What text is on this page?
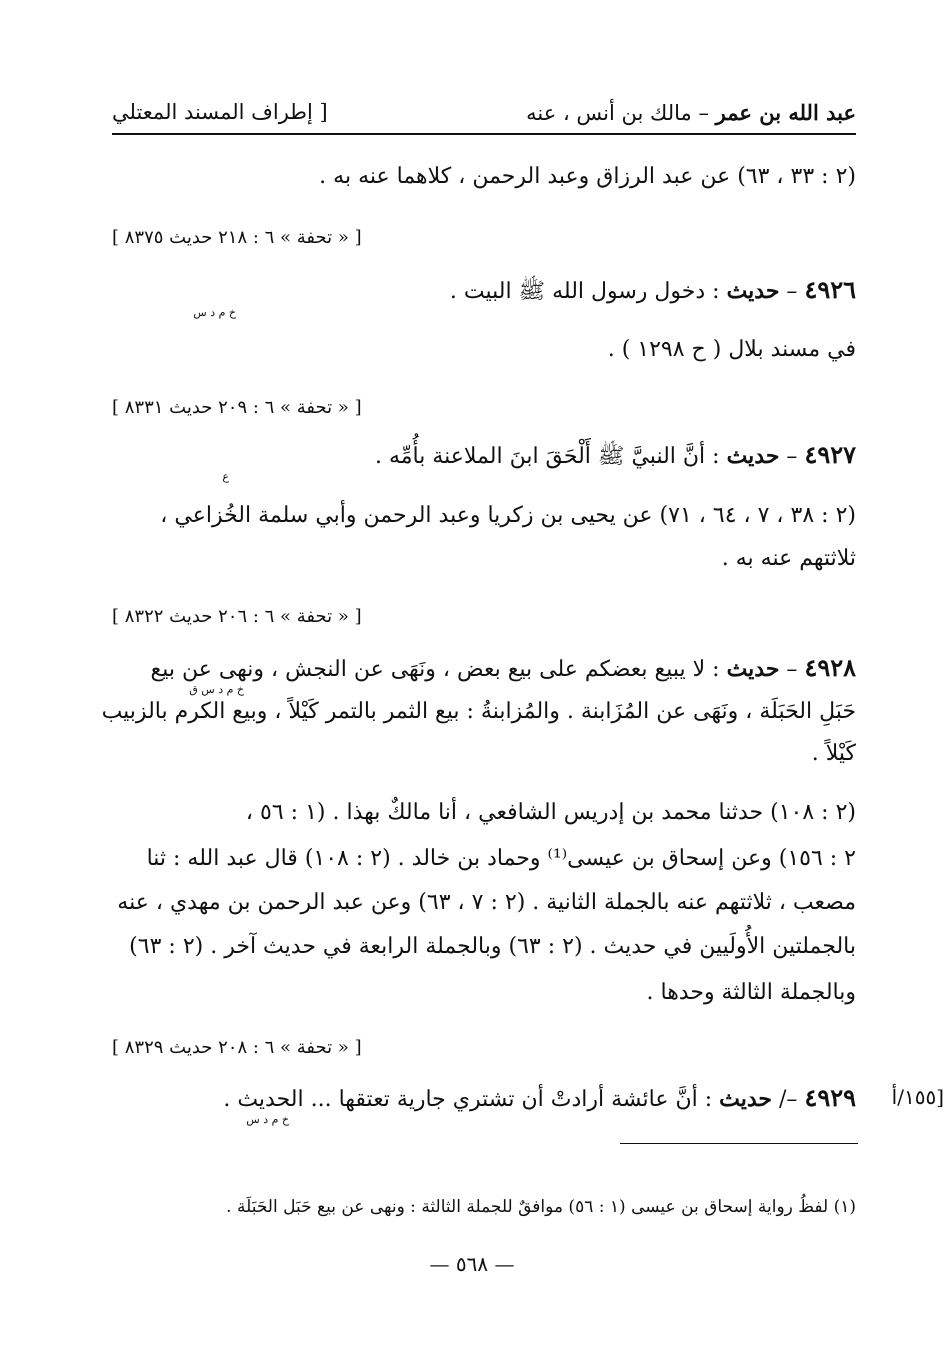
عبد الله بن عمر – مالك بن أنس ، عنه
[ إطراف المسند المعتلي
(٢ : ٣٣ ، ٦٣) عن عبد الرزاق وعبد الرحمن ، كلاهما عنه به .
[ « تحفة » ٦ : ٢١٨ حديث ٨٣٧٥ ]
٤٩٢٦ – حديث : دخول رسول الله ﷺ البيت .
خ م د س
في مسند بلال ( ح ١٢٩٨ ) .
[ « تحفة » ٦ : ٢٠٩ حديث ٨٣٣١ ]
٤٩٢٧ – حديث : أنَّ النبيَّ ﷺ أَلْحَقَ ابنَ الملاعنة بأُمِّه .
ع
(٢ : ٣٨ ، ٧ ، ٦٤ ، ٧١) عن يحيى بن زكريا وعبد الرحمن وأبي سلمة الخُزاعي ،
ثلاثتهم عنه به .
[ « تحفة » ٦ : ٢٠٦ حديث ٨٣٢٢ ]
٤٩٢٨ – حديث : لا يبيع بعضكم على بيع بعض ، ونَهَى عن النجش ، ونهى عن بيع
خ م د س ق
حَبَلِ الحَبَلَة ، ونَهَى عن المُزَابنة . والمُزابنةُ : بيع الثمر بالتمر كَيْلاً ، وبيع الكرم بالزبيب
كَيْلاً .
(٢ : ١٠٨) حدثنا محمد بن إدريس الشافعي ، أنا مالكٌ بهذا . (١ : ٥٦ ،
٢ : ١٥٦) وعن إسحاق بن عيسى⁽¹⁾ وحماد بن خالد . (٢ : ١٠٨) قال عبد الله : ثنا
مصعب ، ثلاثتهم عنه بالجملة الثانية . (٢ : ٧ ، ٦٣) وعن عبد الرحمن بن مهدي ، عنه
بالجملتين الأُولَيين في حديث . (٢ : ٦٣) وبالجملة الرابعة في حديث آخر . (٢ : ٦٣)
وبالجملة الثالثة وحدها .
[ « تحفة » ٦ : ٢٠٨ حديث ٨٣٢٩ ]
٤٩٢٩ –/ حديث : أنَّ عائشة أرادتْ أن تشتري جارية تعتقها ... الحديث .
خ م د س
١٥٥/أ]
(١) لفظُ رواية إسحاق بن عيسى (١ : ٥٦) موافقٌ للجملة الثالثة : ونهى عن بيع حَبَل الحَبَلَة .
— ٥٦٨ —
